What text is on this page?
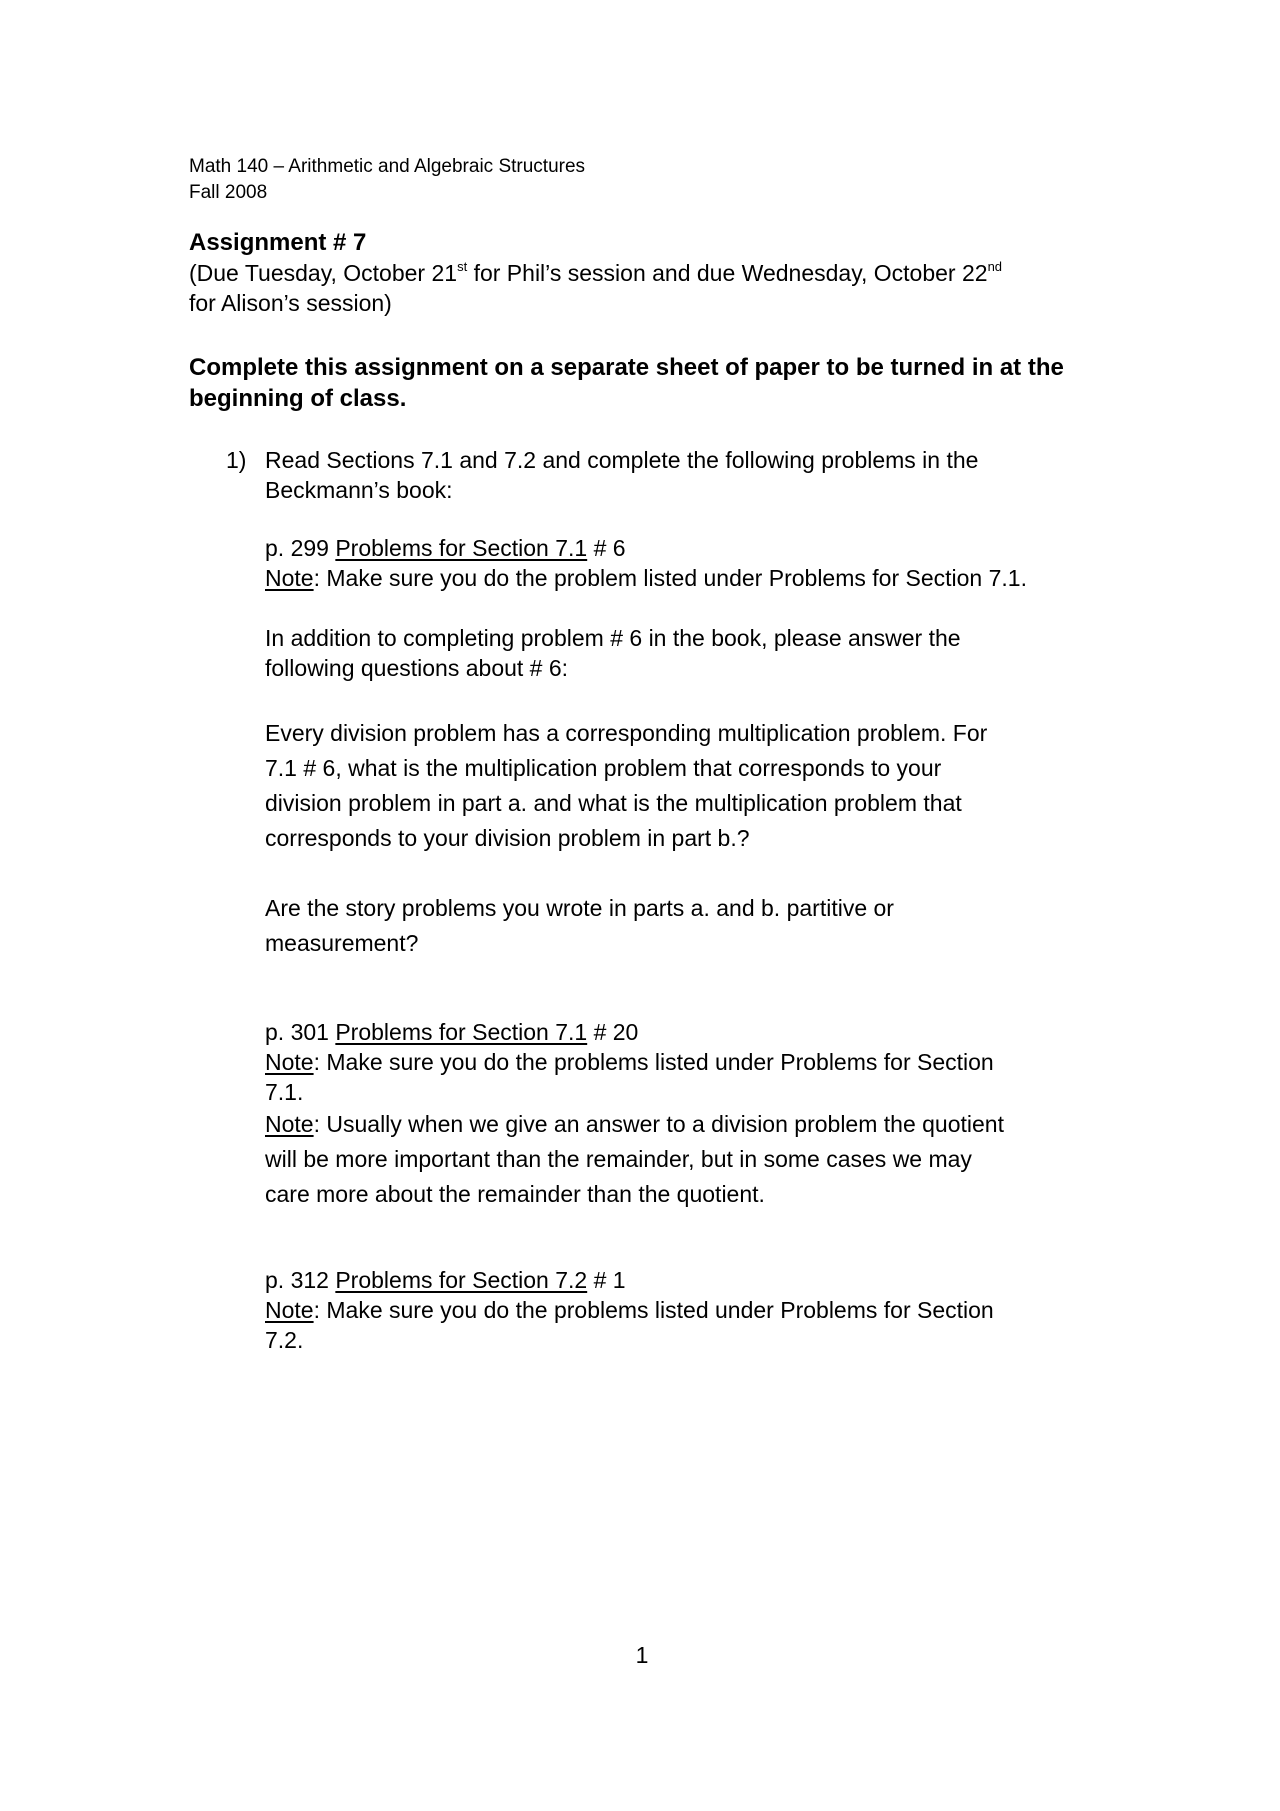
Math 140 – Arithmetic and Algebraic Structures
Fall 2008
Assignment # 7
(Due Tuesday, October 21st for Phil’s session and due Wednesday, October 22nd
for Alison’s session)
Complete this assignment on a separate sheet of paper to be turned in at the beginning of class.
1) Read Sections 7.1 and 7.2 and complete the following problems in the
Beckmann’s book:
p. 299 Problems for Section 7.1 # 6
Note: Make sure you do the problem listed under Problems for Section 7.1.
In addition to completing problem # 6 in the book, please answer the
following questions about # 6:
Every division problem has a corresponding multiplication problem. For
7.1 # 6, what is the multiplication problem that corresponds to your
division problem in part a. and what is the multiplication problem that
corresponds to your division problem in part b.?
Are the story problems you wrote in parts a. and b. partitive or
measurement?
p. 301 Problems for Section 7.1 # 20
Note: Make sure you do the problems listed under Problems for Section
7.1.
Note: Usually when we give an answer to a division problem the quotient
will be more important than the remainder, but in some cases we may
care more about the remainder than the quotient.
p. 312 Problems for Section 7.2 # 1
Note: Make sure you do the problems listed under Problems for Section
7.2.
1
